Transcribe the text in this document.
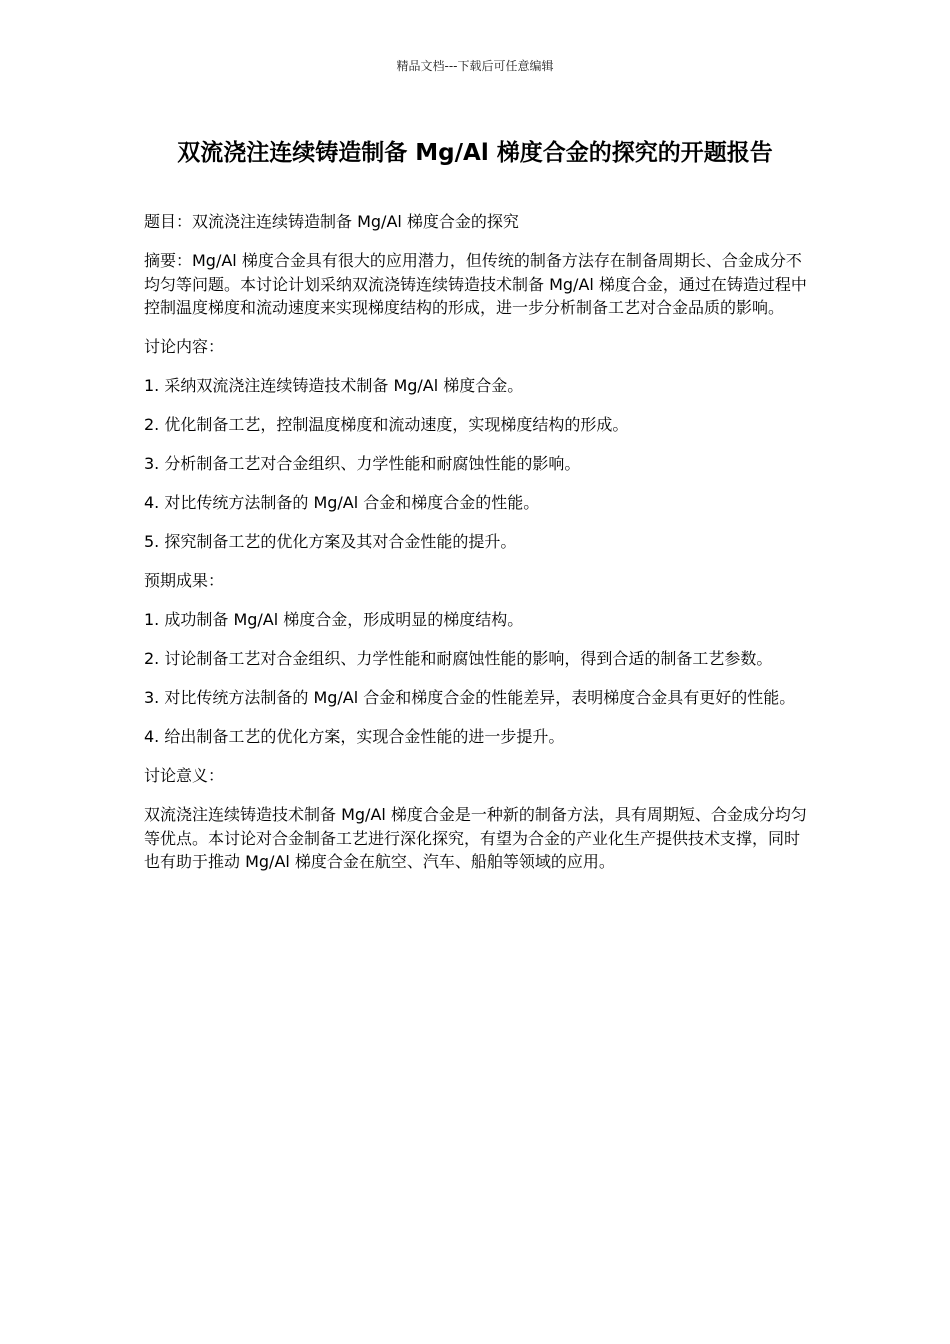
精品文档---下载后可任意编辑
双流浇注连续铸造制备 Mg/Al 梯度合金的探究的开题报告

题目：双流浇注连续铸造制备 Mg/Al 梯度合金的探究

摘要：Mg/Al 梯度合金具有很大的应用潜力，但传统的制备方法存在制备周期长、合金成分不均匀等问题。本讨论计划采纳双流浇铸连续铸造技术制备 Mg/Al 梯度合金，通过在铸造过程中控制温度梯度和流动速度来实现梯度结构的形成，进一步分析制备工艺对合金品质的影响。

讨论内容：

1. 采纳双流浇注连续铸造技术制备 Mg/Al 梯度合金。

2. 优化制备工艺，控制温度梯度和流动速度，实现梯度结构的形成。

3. 分析制备工艺对合金组织、力学性能和耐腐蚀性能的影响。

4. 对比传统方法制备的 Mg/Al 合金和梯度合金的性能。

5. 探究制备工艺的优化方案及其对合金性能的提升。

预期成果：

1. 成功制备 Mg/Al 梯度合金，形成明显的梯度结构。

2. 讨论制备工艺对合金组织、力学性能和耐腐蚀性能的影响，得到合适的制备工艺参数。

3. 对比传统方法制备的 Mg/Al 合金和梯度合金的性能差异，表明梯度合金具有更好的性能。

4. 给出制备工艺的优化方案，实现合金性能的进一步提升。

讨论意义：

双流浇注连续铸造技术制备 Mg/Al 梯度合金是一种新的制备方法，具有周期短、合金成分均匀等优点。本讨论对合金制备工艺进行深化探究，有望为合金的产业化生产提供技术支撑，同时也有助于推动 Mg/Al 梯度合金在航空、汽车、船舶等领域的应用。
